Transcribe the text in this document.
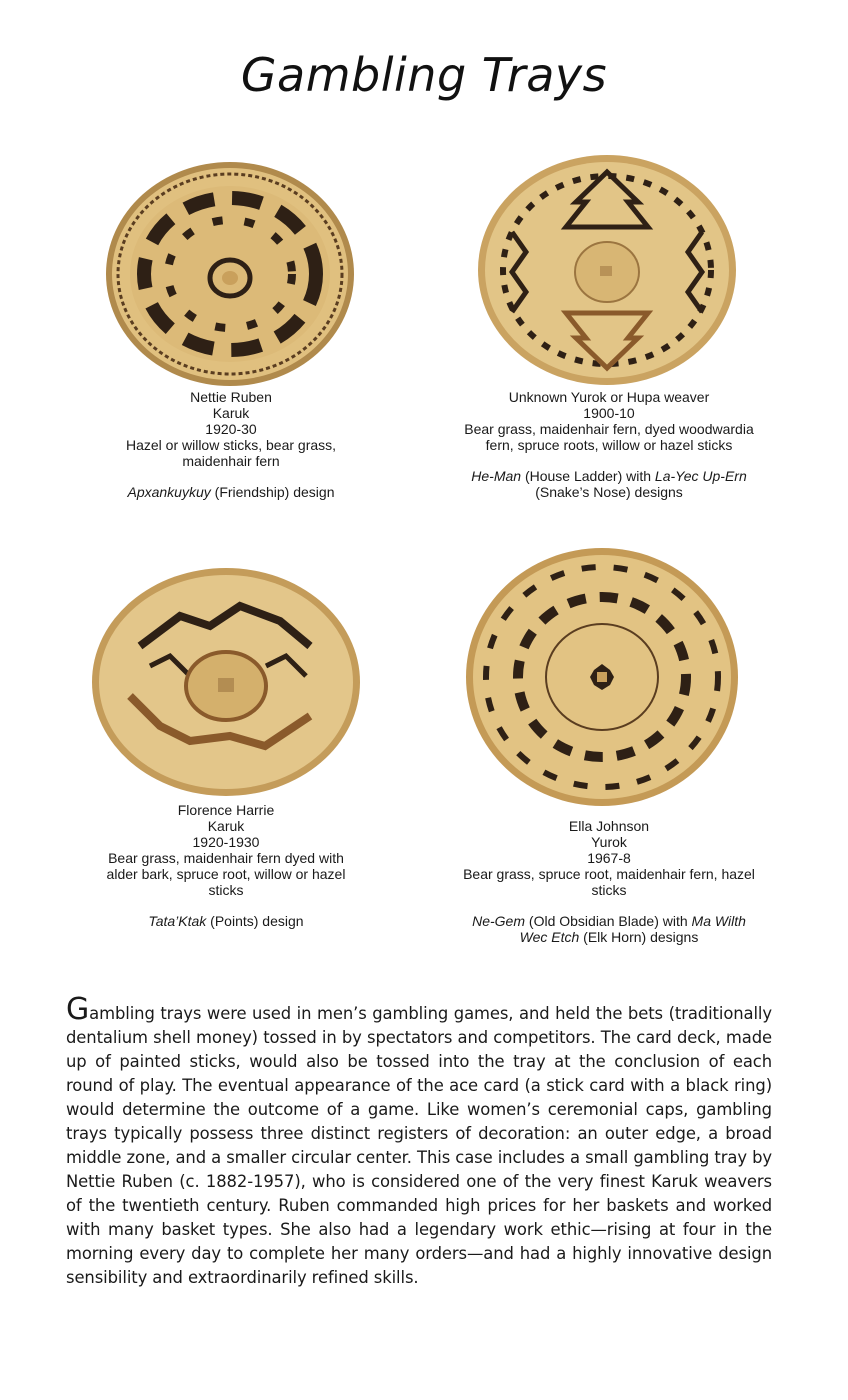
Gambling Trays
Nettie Ruben
Karuk
1920-30
Hazel or willow sticks, bear grass,
maidenhair fern
Apxankuykuy (Friendship) design
Unknown Yurok or Hupa weaver
1900-10
Bear grass, maidenhair fern, dyed woodwardia
fern, spruce roots, willow or hazel sticks
He-Man (House Ladder) with La-Yec Up-Ern
(Snake’s Nose) designs
Florence Harrie
Karuk
1920-1930
Bear grass, maidenhair fern dyed with
alder bark, spruce root, willow or hazel
sticks
Tata’Ktak (Points) design
Ella Johnson
Yurok
1967-8
Bear grass, spruce root, maidenhair fern, hazel
sticks
Ne-Gem (Old Obsidian Blade) with Ma Wilth
Wec Etch (Elk Horn) designs
Gambling trays were used in men’s gambling games, and held the bets (traditionally dentalium shell money) tossed in by spectators and competitors. The card deck, made up of painted sticks, would also be tossed into the tray at the conclusion of each round of play. The eventual appearance of the ace card (a stick card with a black ring) would determine the outcome of a game. Like women’s ceremonial caps, gambling trays typically possess three distinct registers of decoration: an outer edge, a broad middle zone, and a smaller circular center. This case includes a small gambling tray by Nettie Ruben (c. 1882-1957), who is considered one of the very finest Karuk weavers of the twentieth century. Ruben commanded high prices for her baskets and worked with many basket types. She also had a legendary work ethic—rising at four in the morning every day to complete her many orders—and had a highly innovative design sensibility and extraordinarily refined skills.
